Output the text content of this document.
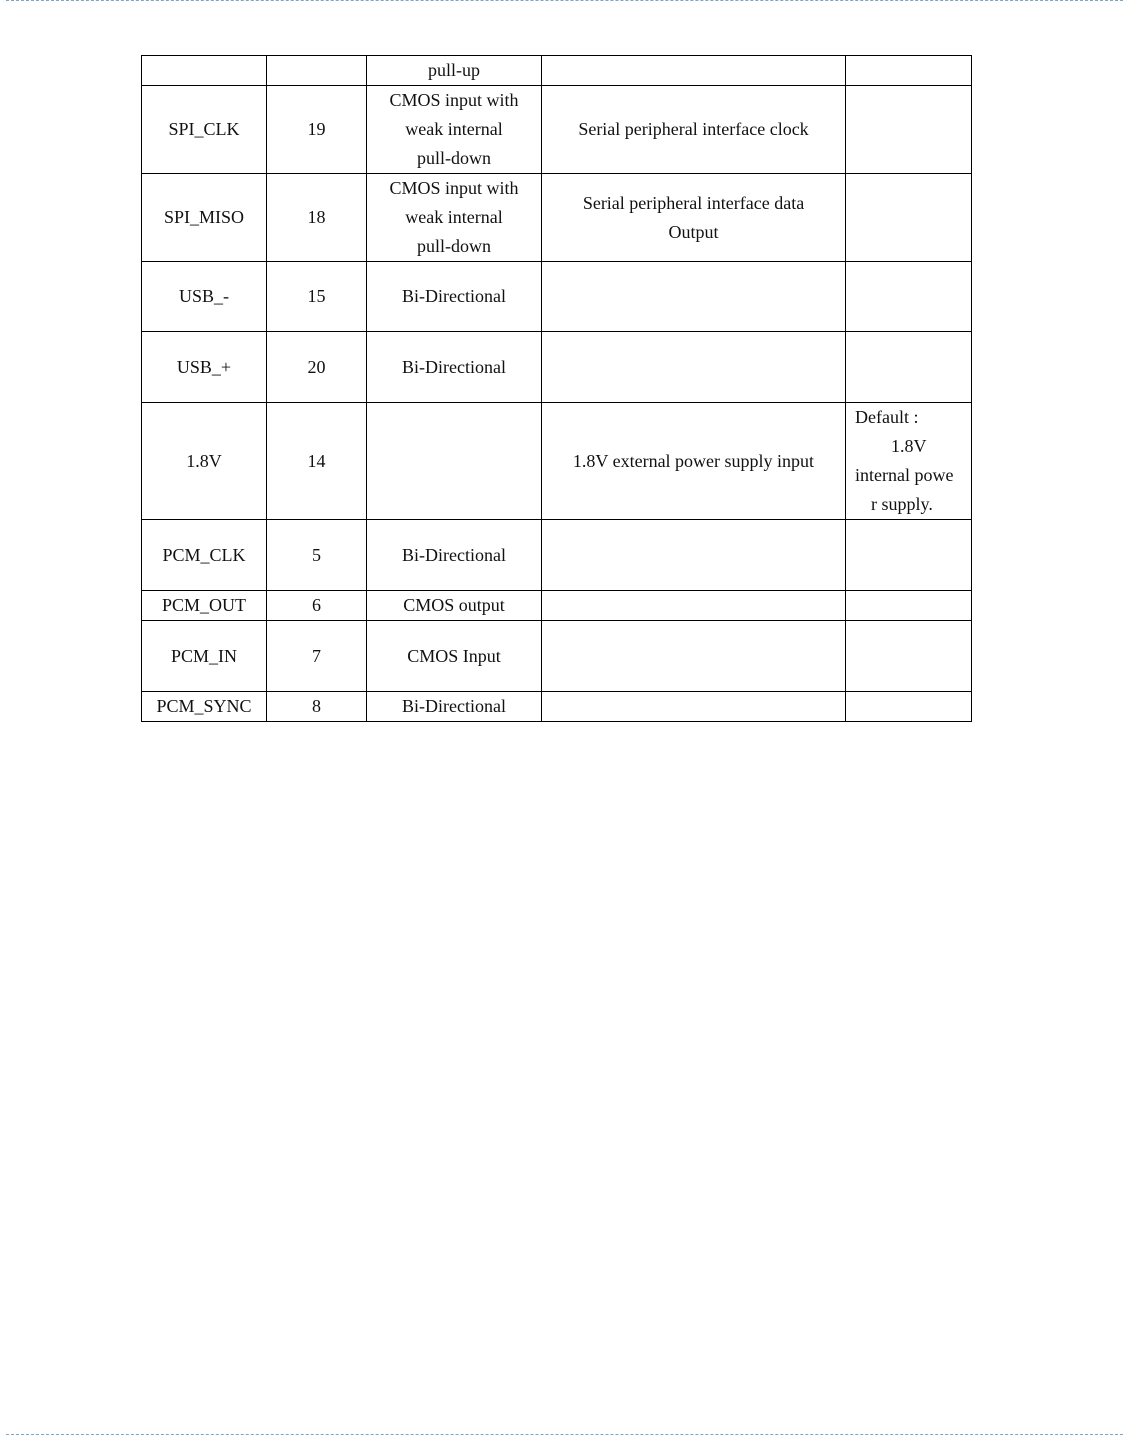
		pull-up		

SPI_CLK	19	CMOS input with
weak internal
pull-down	Serial peripheral interface clock	

SPI_MISO	18	CMOS input with
weak internal
pull-down	Serial peripheral interface data
Output	

USB_-	15	Bi-Directional		

USB_+	20	Bi-Directional		

1.8V	14		1.8V external power supply input	Default :
1.8V
internal powe
r supply.

PCM_CLK	5	Bi-Directional		

PCM_OUT	6	CMOS output		

PCM_IN	7	CMOS Input		

PCM_SYNC	8	Bi-Directional		
